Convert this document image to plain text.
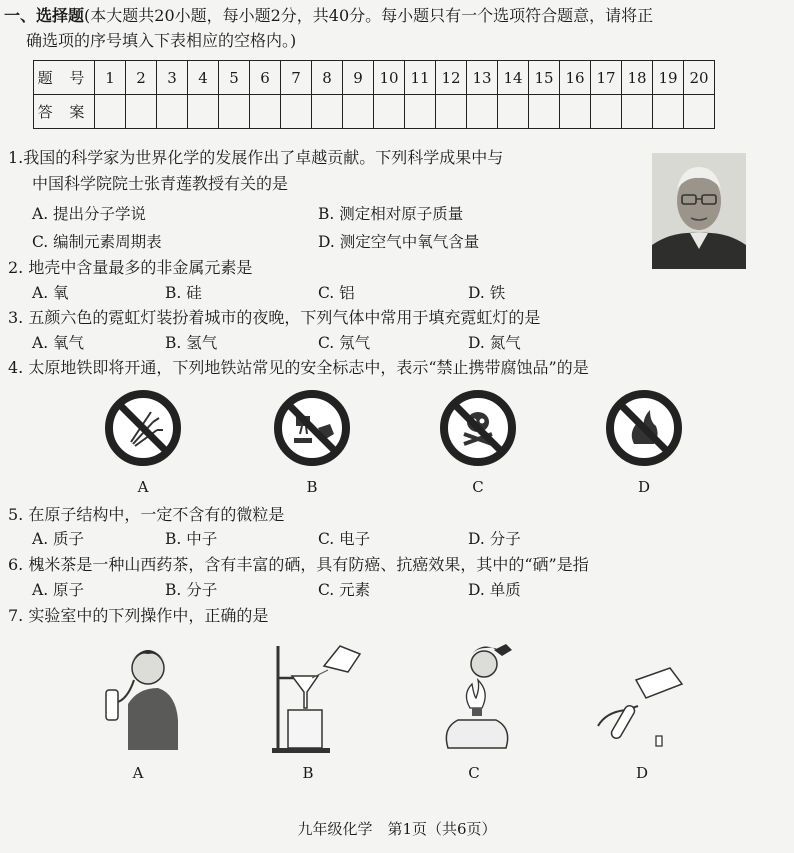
一、选择题(本大题共20小题，每小题2分，共40分。每小题只有一个选项符合题意，请将正
确选项的序号填入下表相应的空格内。)
题 号	1	2	3	4	5	6	7	8	9	10	11	12	13	14	15	16	17	18	19	20
答 案																				
1.我国的科学家为世界化学的发展作出了卓越贡献。下列科学成果中与
中国科学院院士张青莲教授有关的是
A. 提出分子学说	B. 测定相对原子质量
C. 编制元素周期表	D. 测定空气中氧气含量
2. 地壳中含量最多的非金属元素是
A. 氧	B. 硅	C. 铝	D. 铁
3. 五颜六色的霓虹灯装扮着城市的夜晚，下列气体中常用于填充霓虹灯的是
A. 氧气	B. 氢气	C. 氖气	D. 氮气
4. 太原地铁即将开通，下列地铁站常见的安全标志中，表示“禁止携带腐蚀品”的是
A	B	C	D
5. 在原子结构中，一定不含有的微粒是
A. 质子	B. 中子	C. 电子	D. 分子
6. 槐米茶是一种山西药茶，含有丰富的硒，具有防癌、抗癌效果，其中的“硒”是指
A. 原子	B. 分子	C. 元素	D. 单质
7. 实验室中的下列操作中，正确的是
A	B	C	D
九年级化学　第1页（共6页）
